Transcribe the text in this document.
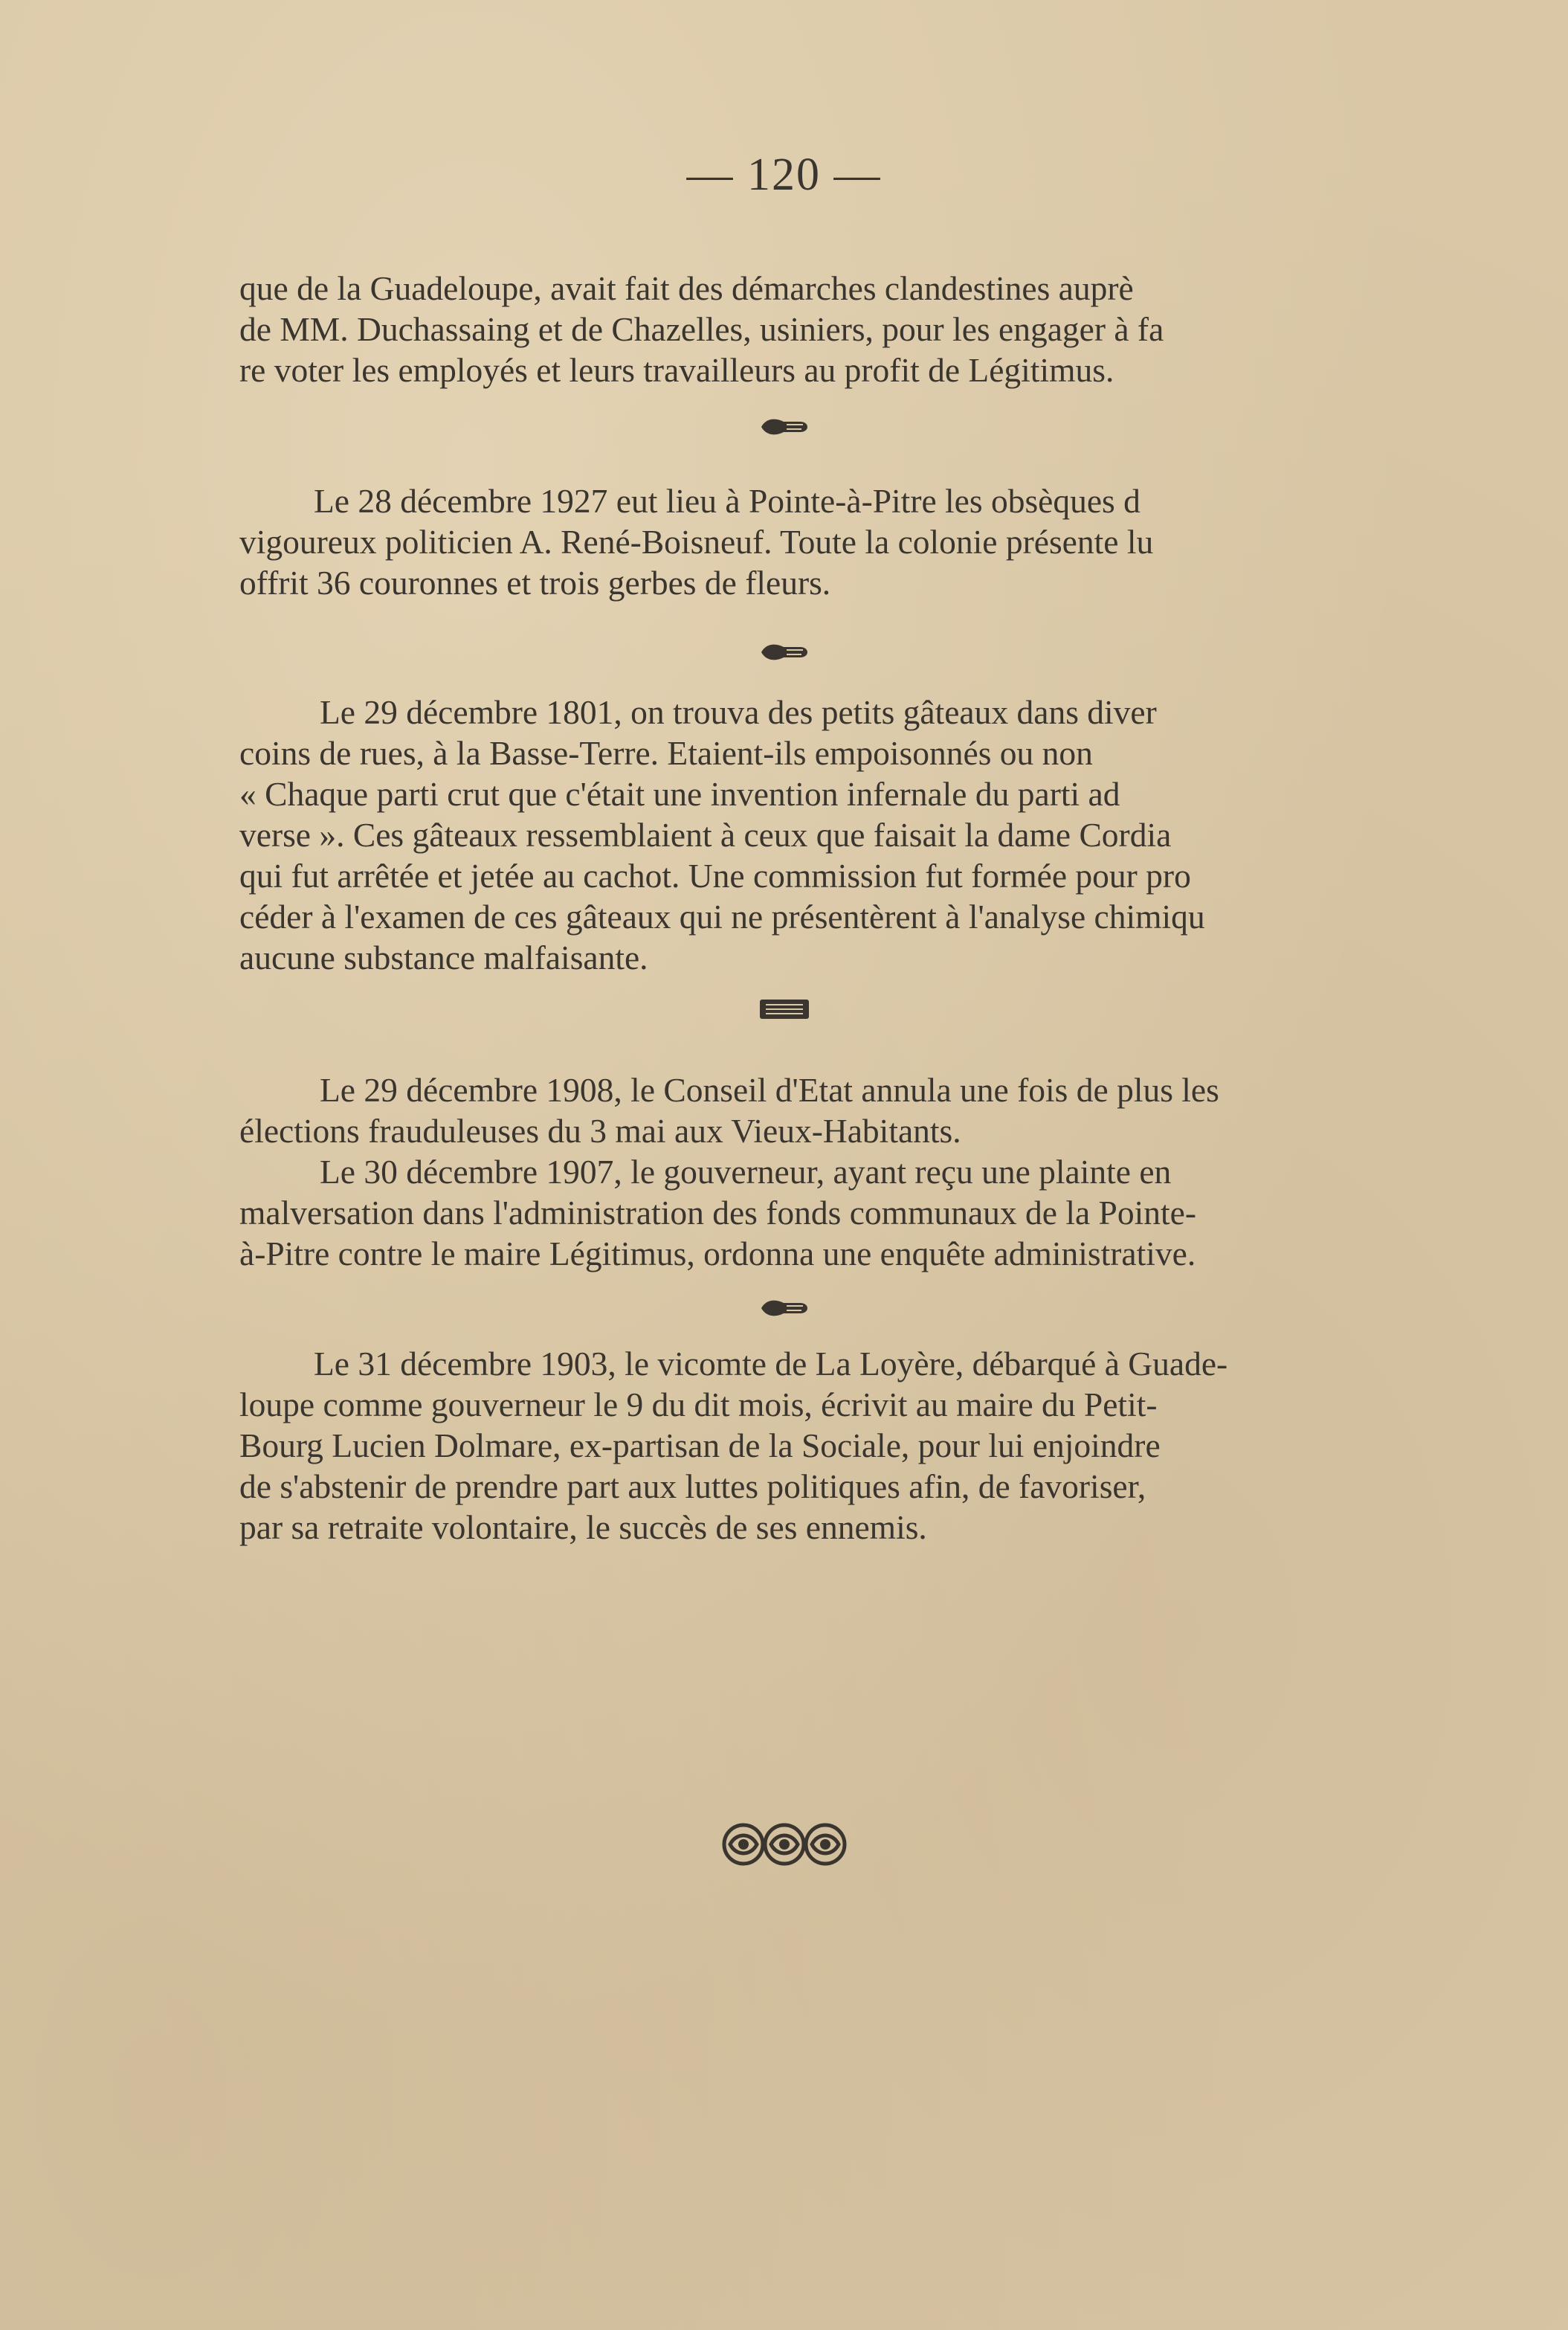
— 120 —
que de la Guadeloupe, avait fait des démarches clandestines auprè
de MM. Duchassaing et de Chazelles, usiniers, pour les engager à fa
re voter les employés et leurs travailleurs au profit de Légitimus.
Le 28 décembre 1927 eut lieu à Pointe-à-Pitre les obsèques d
vigoureux politicien A. René-Boisneuf. Toute la colonie présente lu
offrit 36 couronnes et trois gerbes de fleurs.
Le 29 décembre 1801, on trouva des petits gâteaux dans diver
coins de rues, à la Basse-Terre. Etaient-ils empoisonnés ou non
« Chaque parti crut que c'était une invention infernale du parti ad
verse ». Ces gâteaux ressemblaient à ceux que faisait la dame Cordia
qui fut arrêtée et jetée au cachot. Une commission fut formée pour pro
céder à l'examen de ces gâteaux qui ne présentèrent à l'analyse chimiqu
aucune substance malfaisante.
Le 29 décembre 1908, le Conseil d'Etat annula une fois de plus les
élections frauduleuses du 3 mai aux Vieux-Habitants.
Le 30 décembre 1907, le gouverneur, ayant reçu une plainte en
malversation dans l'administration des fonds communaux de la Pointe-
à-Pitre contre le maire Légitimus, ordonna une enquête administrative.
Le 31 décembre 1903, le vicomte de La Loyère, débarqué à Guade-
loupe comme gouverneur le 9 du dit mois, écrivit au maire du Petit-
Bourg Lucien Dolmare, ex-partisan de la Sociale, pour lui enjoindre
de s'abstenir de prendre part aux luttes politiques afin, de favoriser,
par sa retraite volontaire, le succès de ses ennemis.
